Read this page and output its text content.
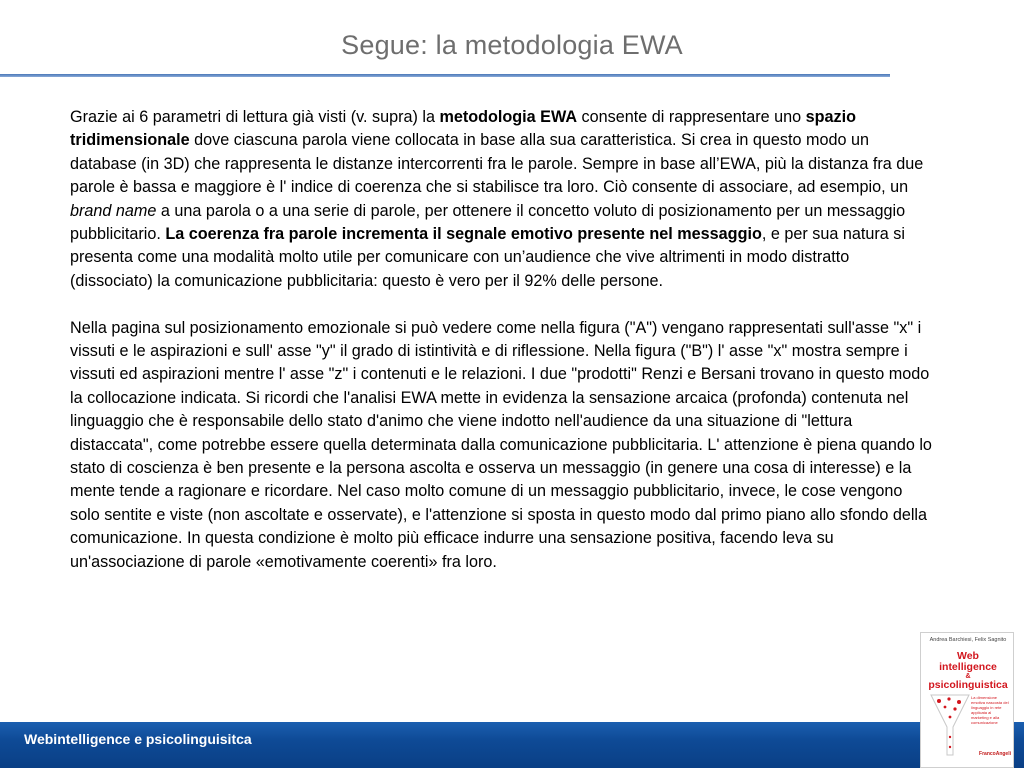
Segue: la metodologia EWA

Grazie ai 6 parametri di lettura già visti (v. supra) la metodologia EWA consente di rappresentare uno spazio tridimensionale dove ciascuna parola viene collocata in base alla sua caratteristica. Si crea in questo modo un database (in 3D) che rappresenta le distanze intercorrenti fra le parole. Sempre in base all’EWA, più la distanza fra due parole è bassa e maggiore è l' indice di coerenza che si stabilisce tra loro. Ciò consente di associare, ad esempio, un brand name a una parola o a una serie di parole, per ottenere il concetto voluto di posizionamento per un messaggio pubblicitario. La coerenza fra parole incrementa il segnale emotivo presente nel messaggio, e per sua natura si presenta come una modalità molto utile per comunicare con un’audience che vive altrimenti in modo distratto (dissociato) la comunicazione pubblicitaria: questo è vero per il 92% delle persone.

Nella pagina sul posizionamento emozionale si può vedere come nella figura ("A") vengano rappresentati sull'asse "x" i vissuti e le aspirazioni e sull' asse "y" il grado di istintività e di riflessione. Nella figura ("B") l' asse "x" mostra sempre i vissuti ed aspirazioni mentre l' asse "z" i contenuti e le relazioni. I due "prodotti" Renzi e Bersani trovano in questo modo la collocazione indicata. Si ricordi che l'analisi EWA mette in evidenza la sensazione arcaica (profonda) contenuta nel linguaggio che è responsabile dello stato d'animo che viene indotto nell'audience da una situazione di "lettura distaccata", come potrebbe essere quella determinata dalla comunicazione pubblicitaria. L' attenzione è piena quando lo stato di coscienza è ben presente e la persona ascolta e osserva un messaggio (in genere una cosa di interesse) e la mente tende a ragionare e ricordare. Nel caso molto comune di un messaggio pubblicitario, invece, le cose vengono solo sentite e viste (non ascoltate e osservate), e l'attenzione si sposta in questo modo dal primo piano allo sfondo della comunicazione. In questa condizione è molto più efficace indurre una sensazione positiva, facendo leva su un'associazione di parole «emotivamente coerenti» fra loro.

Webintelligence e psicolinguisitca
Andrea Barchiesi, Felix Sagnito
Web
intelligence
&
psicolinguistica
La dimensione emotiva nascosta del linguaggio in rete applicata al marketing e alla comunicazione
FrancoAngeli
